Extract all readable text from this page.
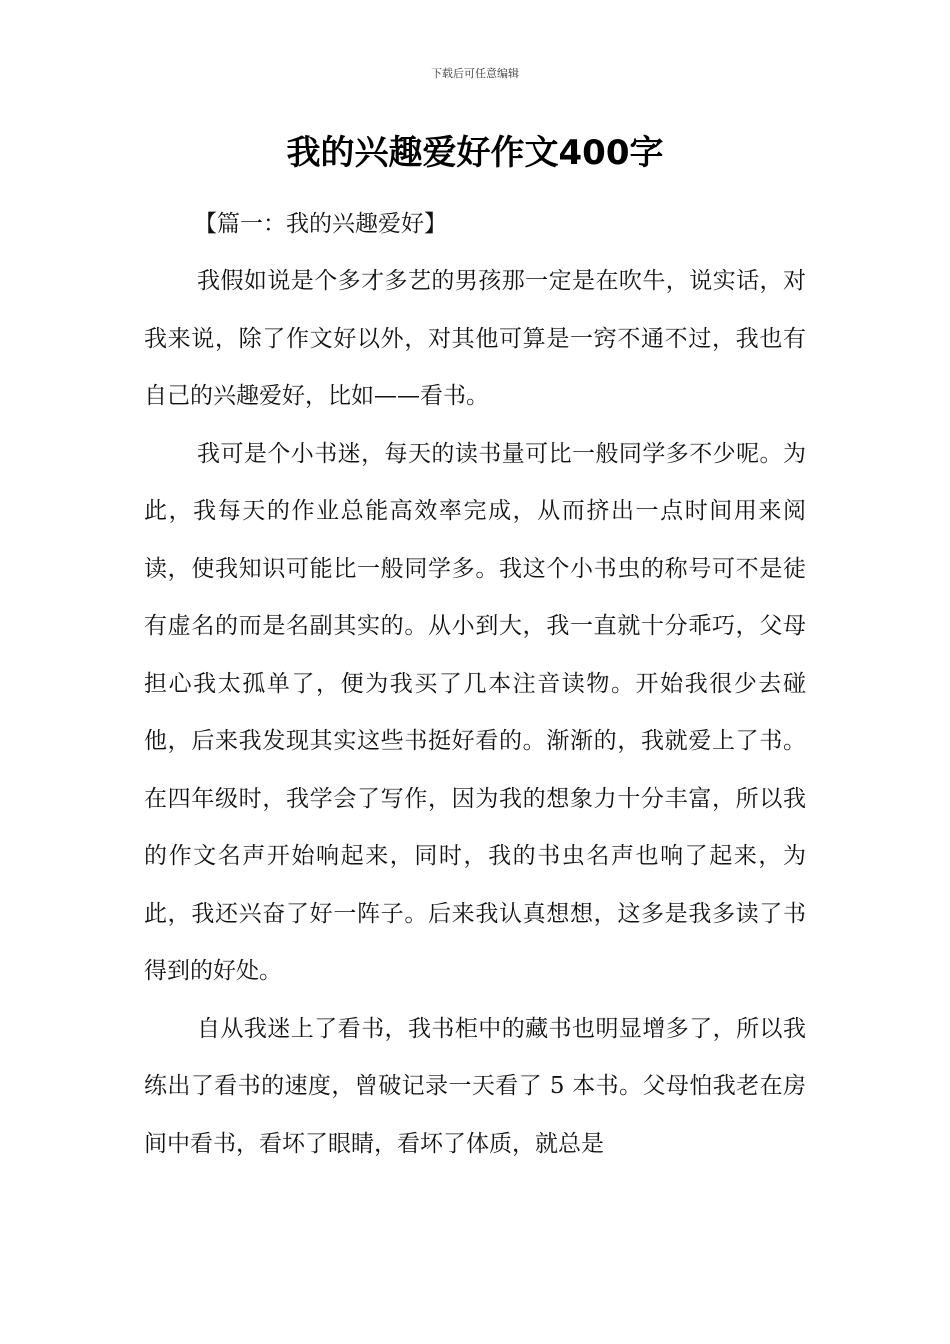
下载后可任意编辑
我的兴趣爱好作文400字

【篇一：我的兴趣爱好】

我假如说是个多才多艺的男孩那一定是在吹牛，说实话，对我来说，除了作文好以外，对其他可算是一窍不通不过，我也有自己的兴趣爱好，比如——看书。

我可是个小书迷，每天的读书量可比一般同学多不少呢。为此，我每天的作业总能高效率完成，从而挤出一点时间用来阅读，使我知识可能比一般同学多。我这个小书虫的称号可不是徒有虚名的而是名副其实的。从小到大，我一直就十分乖巧，父母担心我太孤单了，便为我买了几本注音读物。开始我很少去碰他，后来我发现其实这些书挺好看的。渐渐的，我就爱上了书。在四年级时，我学会了写作，因为我的想象力十分丰富，所以我的作文名声开始响起来，同时，我的书虫名声也响了起来，为此，我还兴奋了好一阵子。后来我认真想想，这多是我多读了书得到的好处。

自从我迷上了看书，我书柜中的藏书也明显增多了，所以我练出了看书的速度，曾破记录一天看了 5 本书。父母怕我老在房间中看书，看坏了眼睛，看坏了体质，就总是
